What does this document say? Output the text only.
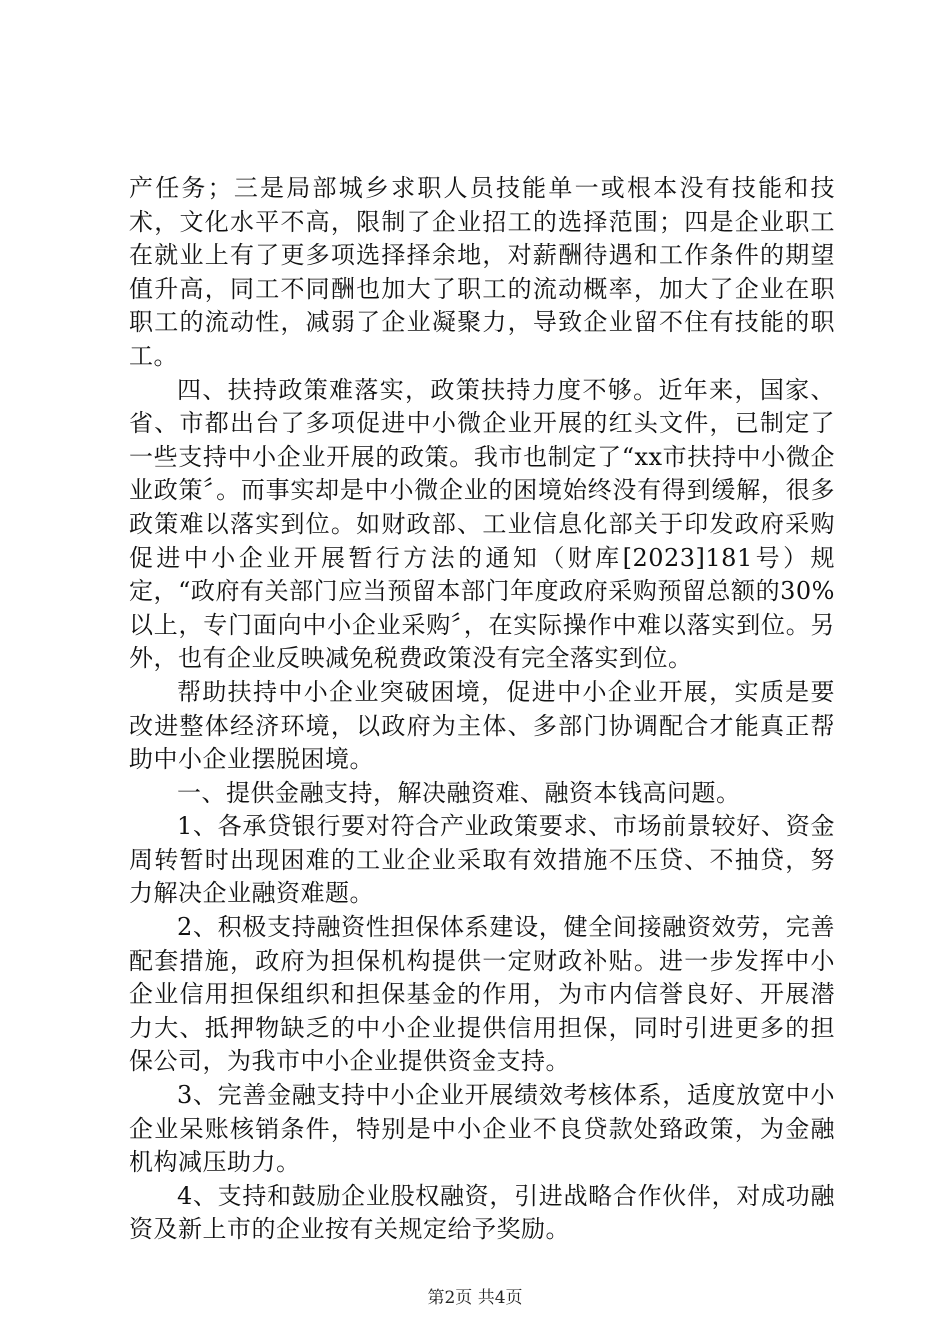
产任务；三是局部城乡求职人员技能单一或根本没有技能和技术，文化水平不高，限制了企业招工的选择范围；四是企业职工在就业上有了更多项选择择余地，对薪酬待遇和工作条件的期望值升高，同工不同酬也加大了职工的流动概率，加大了企业在职职工的流动性，减弱了企业凝聚力，导致企业留不住有技能的职工。

四、扶持政策难落实，政策扶持力度不够。近年来，国家、省、市都出台了多项促进中小微企业开展的红头文件，已制定了一些支持中小企业开展的政策。我市也制定了“xx市扶持中小微企业政策〞。而事实却是中小微企业的困境始终没有得到缓解，很多政策难以落实到位。如财政部、工业信息化部关于印发政府采购促进中小企业开展暂行方法的通知（财库[2023]181号）规定，“政府有关部门应当预留本部门年度政府采购预留总额的30%以上，专门面向中小企业采购〞，在实际操作中难以落实到位。另外，也有企业反映减免税费政策没有完全落实到位。

帮助扶持中小企业突破困境，促进中小企业开展，实质是要改进整体经济环境，以政府为主体、多部门协调配合才能真正帮助中小企业摆脱困境。

一、提供金融支持，解决融资难、融资本钱高问题。

1、各承贷银行要对符合产业政策要求、市场前景较好、资金周转暂时出现困难的工业企业采取有效措施不压贷、不抽贷，努力解决企业融资难题。

2、积极支持融资性担保体系建设，健全间接融资效劳，完善配套措施，政府为担保机构提供一定财政补贴。进一步发挥中小企业信用担保组织和担保基金的作用，为市内信誉良好、开展潜力大、抵押物缺乏的中小企业提供信用担保，同时引进更多的担保公司，为我市中小企业提供资金支持。

3、完善金融支持中小企业开展绩效考核体系，适度放宽中小企业呆账核销条件，特别是中小企业不良贷款处臵政策，为金融机构减压助力。

4、支持和鼓励企业股权融资，引进战略合作伙伴，对成功融资及新上市的企业按有关规定给予奖励。

第2页 共4页
